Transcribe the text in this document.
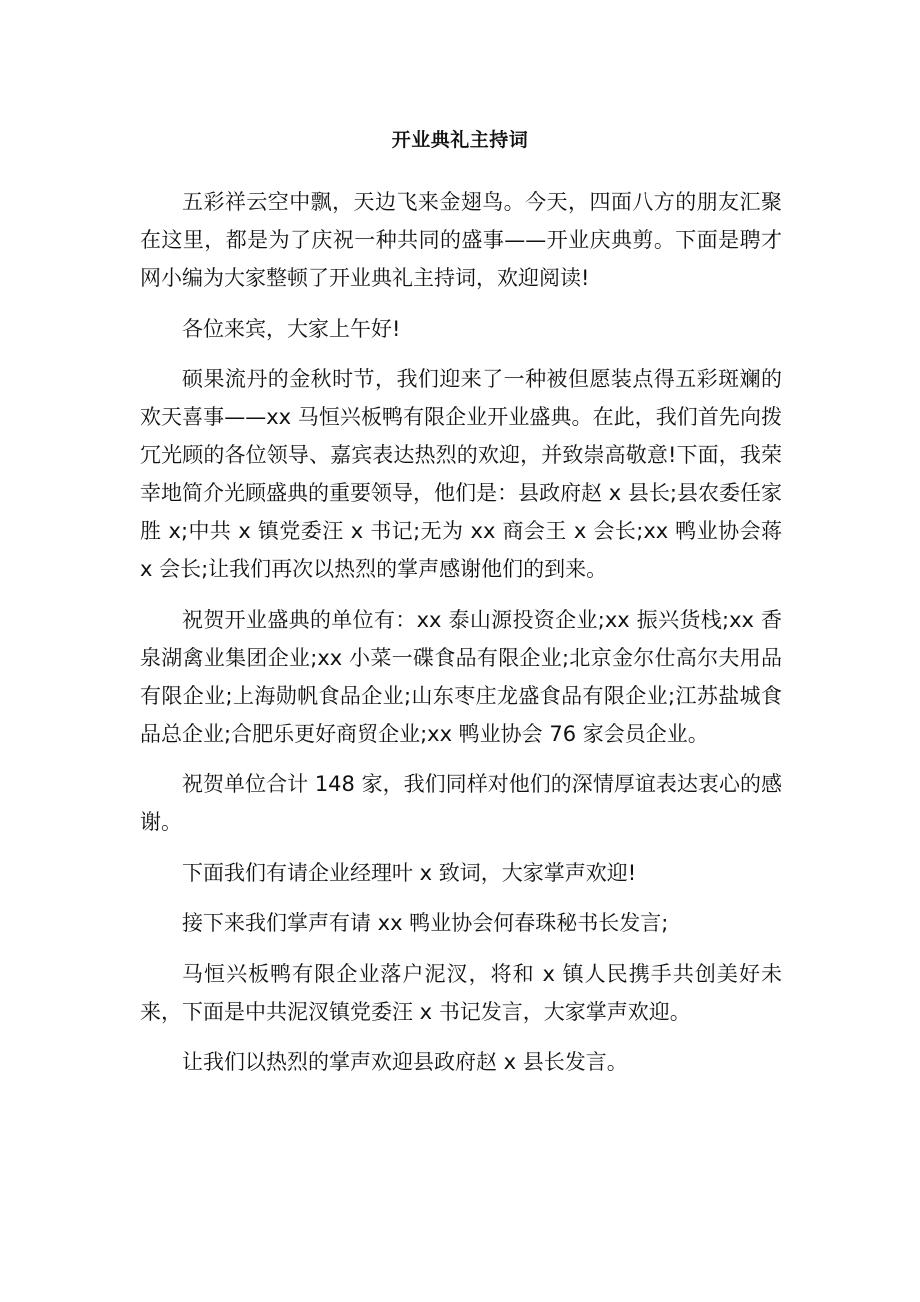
开业典礼主持词

五彩祥云空中飘，天边飞来金翅鸟。今天，四面八方的朋友汇聚在这里，都是为了庆祝一种共同的盛事——开业庆典剪。下面是聘才网小编为大家整顿了开业典礼主持词，欢迎阅读!

各位来宾，大家上午好!

硕果流丹的金秋时节，我们迎来了一种被但愿装点得五彩斑斓的欢天喜事——xx 马恒兴板鸭有限企业开业盛典。在此，我们首先向拨冗光顾的各位领导、嘉宾表达热烈的欢迎，并致崇高敬意!下面，我荣幸地简介光顾盛典的重要领导，他们是：县政府赵 x 县长;县农委任家胜 x;中共 x 镇党委汪 x 书记;无为 xx 商会王 x 会长;xx 鸭业协会蒋 x 会长;让我们再次以热烈的掌声感谢他们的到来。

祝贺开业盛典的单位有：xx 泰山源投资企业;xx 振兴货栈;xx 香泉湖禽业集团企业;xx 小菜一碟食品有限企业;北京金尔仕高尔夫用品有限企业;上海勋帆食品企业;山东枣庄龙盛食品有限企业;江苏盐城食品总企业;合肥乐更好商贸企业;xx 鸭业协会 76 家会员企业。

祝贺单位合计 148 家，我们同样对他们的深情厚谊表达衷心的感谢。

下面我们有请企业经理叶 x 致词，大家掌声欢迎!

接下来我们掌声有请 xx 鸭业协会何春珠秘书长发言;

马恒兴板鸭有限企业落户泥汊，将和 x 镇人民携手共创美好未来，下面是中共泥汊镇党委汪 x 书记发言，大家掌声欢迎。

让我们以热烈的掌声欢迎县政府赵 x 县长发言。
